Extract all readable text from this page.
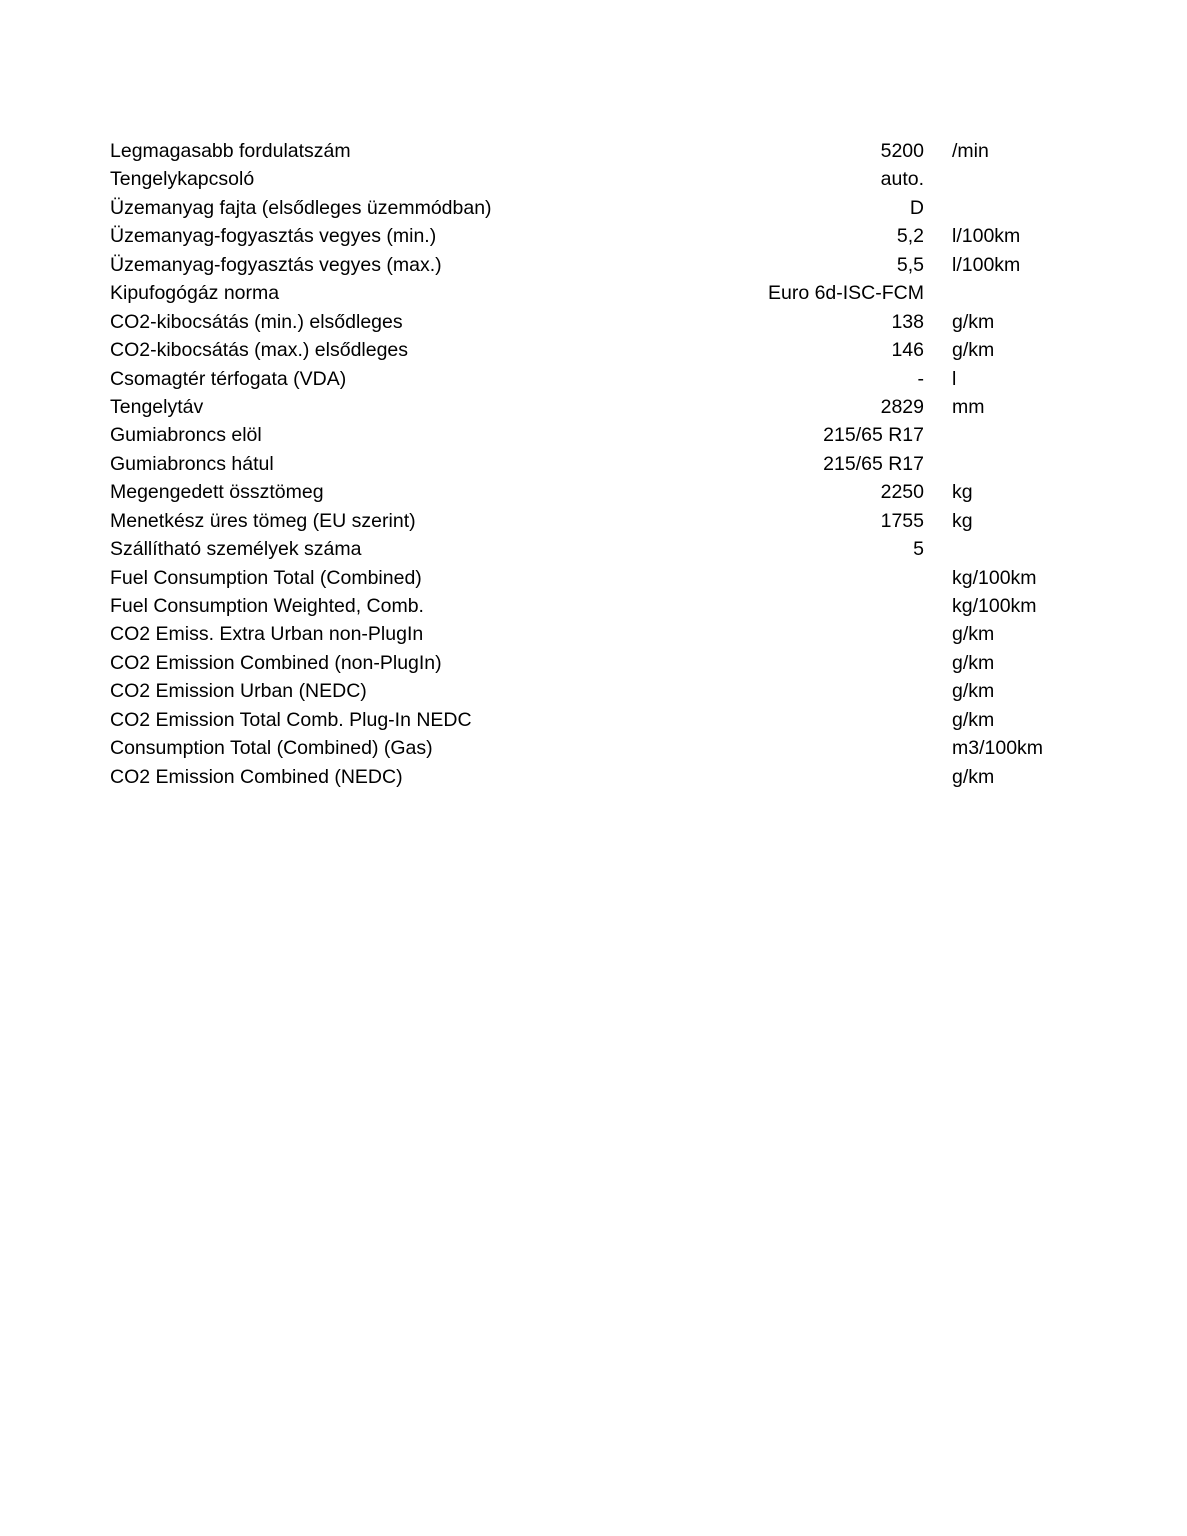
Legmagasabb fordulatszám	5200 /min
Tengelykapcsoló	auto.
Üzemanyag fajta (elsődleges üzemmódban)	D
Üzemanyag-fogyasztás vegyes (min.)	5,2 l/100km
Üzemanyag-fogyasztás vegyes (max.)	5,5 l/100km
Kipufogógáz norma	Euro 6d-ISC-FCM
CO2-kibocsátás (min.) elsődleges	138 g/km
CO2-kibocsátás (max.) elsődleges	146 g/km
Csomagtér térfogata (VDA)	- l
Tengelytáv	2829 mm
Gumiabroncs elöl	215/65 R17
Gumiabroncs hátul	215/65 R17
Megengedett össztömeg	2250 kg
Menetkész üres tömeg (EU szerint)	1755 kg
Szállítható személyek száma	5
Fuel Consumption Total (Combined)	kg/100km
Fuel Consumption Weighted, Comb.	kg/100km
CO2 Emiss. Extra Urban non-PlugIn	g/km
CO2 Emission Combined (non-PlugIn)	g/km
CO2 Emission Urban (NEDC)	g/km
CO2 Emission Total Comb. Plug-In NEDC	g/km
Consumption Total (Combined) (Gas)	m3/100km
CO2 Emission Combined (NEDC)	g/km
